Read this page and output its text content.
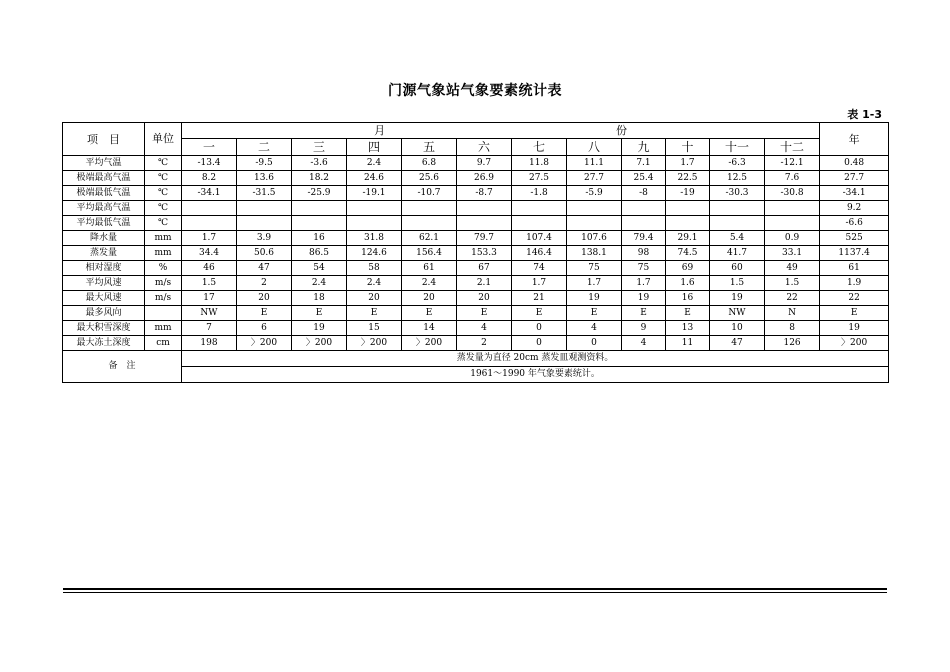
门源气象站气象要素统计表
表 1-3
项　目	单位	月　　　　　　　　　　　　　　　　　　　　　份												年
		一	二	三	四	五	六	七	八	九	十	十一	十二	
平均气温	℃	-13.4	-9.5	-3.6	2.4	6.8	9.7	11.8	11.1	7.1	1.7	-6.3	-12.1	0.48
极端最高气温	℃	8.2	13.6	18.2	24.6	25.6	26.9	27.5	27.7	25.4	22.5	12.5	7.6	27.7
极端最低气温	℃	-34.1	-31.5	-25.9	-19.1	-10.7	-8.7	-1.8	-5.9	-8	-19	-30.3	-30.8	-34.1
平均最高气温	℃													9.2
平均最低气温	℃													-6.6
降水量	mm	1.7	3.9	16	31.8	62.1	79.7	107.4	107.6	79.4	29.1	5.4	0.9	525
蒸发量	mm	34.4	50.6	86.5	124.6	156.4	153.3	146.4	138.1	98	74.5	41.7	33.1	1137.4
相对湿度	%	46	47	54	58	61	67	74	75	75	69	60	49	61
平均风速	m/s	1.5	2	2.4	2.4	2.4	2.1	1.7	1.7	1.7	1.6	1.5	1.5	1.9
最大风速	m/s	17	20	18	20	20	20	21	19	19	16	19	22	22
最多风向		NW	E	E	E	E	E	E	E	E	E	NW	N	E
最大积雪深度	mm	7	6	19	15	14	4	0	4	9	13	10	8	19
最大冻土深度	cm	198	〉200	〉200	〉200	〉200	2	0	0	4	11	47	126	〉200
备　注		蒸发量为直径 20cm 蒸发皿观测资料。												
		1961～1990 年气象要素统计。												
